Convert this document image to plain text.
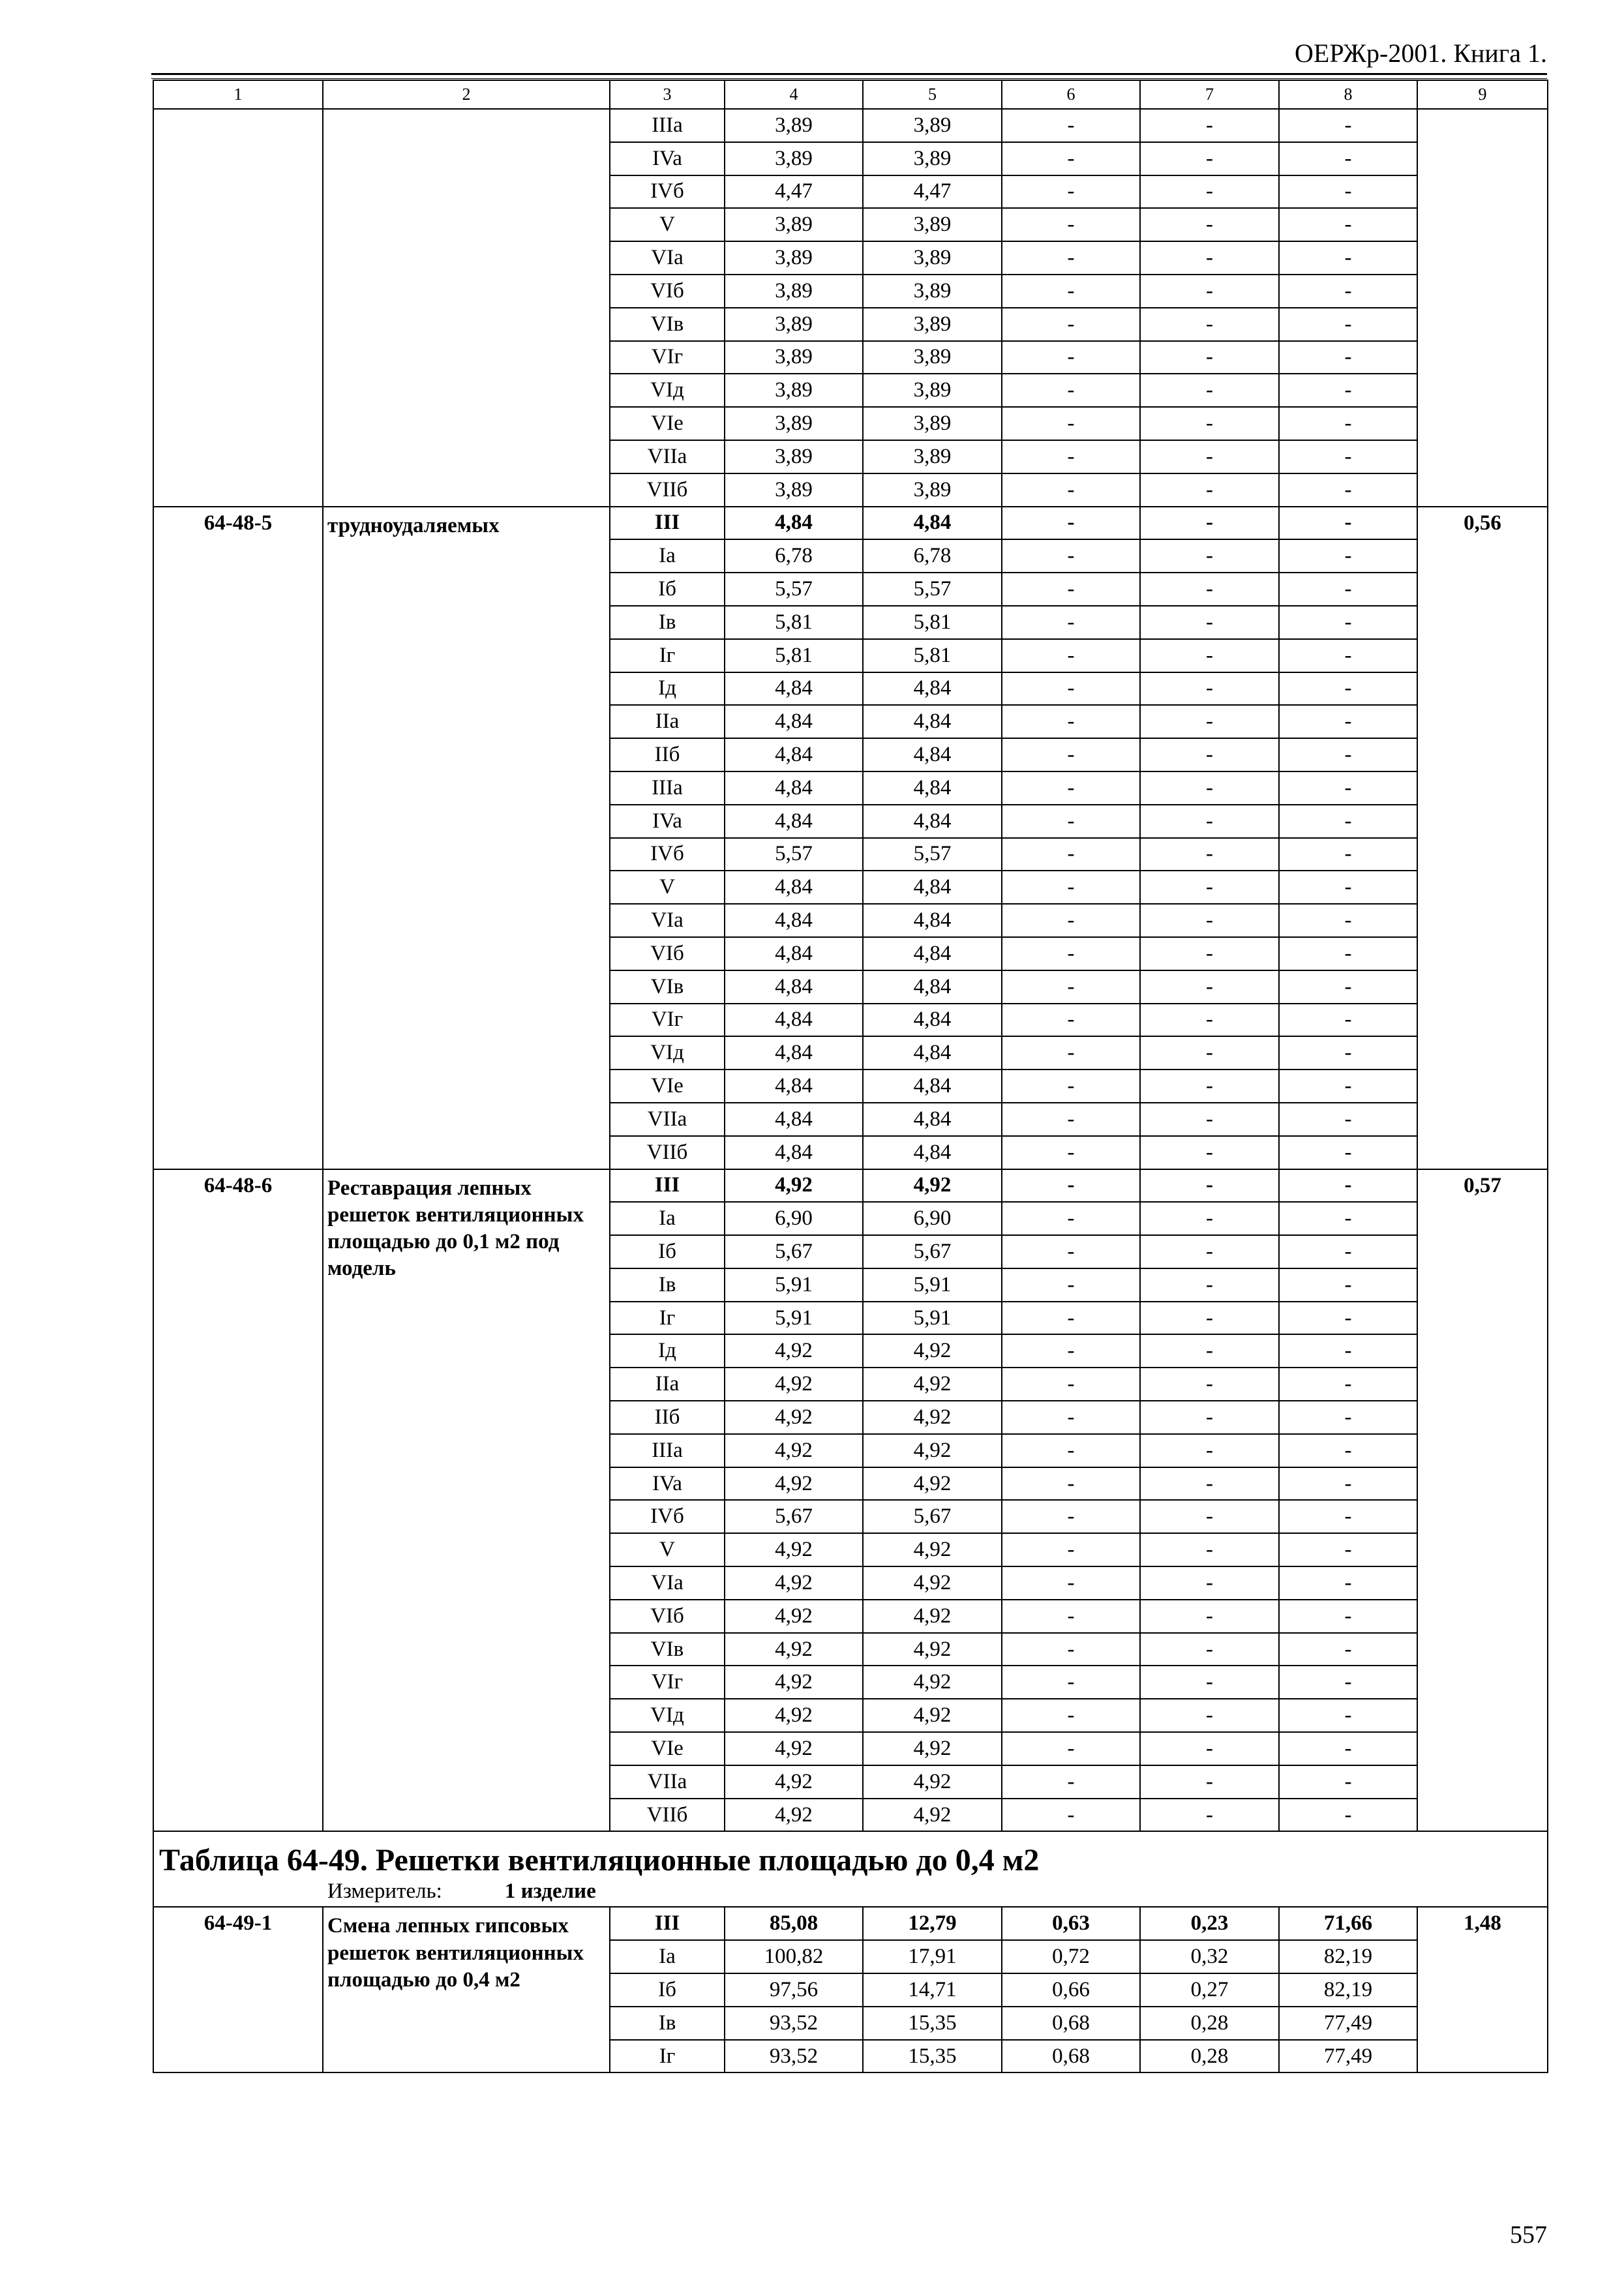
ОЕРЖр-2001. Книга 1.
1	2	3	4	5	6	7	8	9
		IIIa	3,89	3,89	-	-	-	
		IVa	3,89	3,89	-	-	-	
		IVб	4,47	4,47	-	-	-	
		V	3,89	3,89	-	-	-	
		VIa	3,89	3,89	-	-	-	
		VIб	3,89	3,89	-	-	-	
		VIв	3,89	3,89	-	-	-	
		VIг	3,89	3,89	-	-	-	
		VIд	3,89	3,89	-	-	-	
		VIe	3,89	3,89	-	-	-	
		VIIa	3,89	3,89	-	-	-	
		VIIб	3,89	3,89	-	-	-	
64-48-5	трудноудаляемых	III	4,84	4,84	-	-	-	0,56
		Ia	6,78	6,78	-	-	-	
		Iб	5,57	5,57	-	-	-	
		Iв	5,81	5,81	-	-	-	
		Iг	5,81	5,81	-	-	-	
		Iд	4,84	4,84	-	-	-	
		IIa	4,84	4,84	-	-	-	
		IIб	4,84	4,84	-	-	-	
		IIIa	4,84	4,84	-	-	-	
		IVa	4,84	4,84	-	-	-	
		IVб	5,57	5,57	-	-	-	
		V	4,84	4,84	-	-	-	
		VIa	4,84	4,84	-	-	-	
		VIб	4,84	4,84	-	-	-	
		VIв	4,84	4,84	-	-	-	
		VIг	4,84	4,84	-	-	-	
		VIд	4,84	4,84	-	-	-	
		VIe	4,84	4,84	-	-	-	
		VIIa	4,84	4,84	-	-	-	
		VIIб	4,84	4,84	-	-	-	
64-48-6	Реставрация лепных решеток вентиляционных площадью до 0,1 м2 под модель	III	4,92	4,92	-	-	-	0,57
		Ia	6,90	6,90	-	-	-	
		Iб	5,67	5,67	-	-	-	
		Iв	5,91	5,91	-	-	-	
		Iг	5,91	5,91	-	-	-	
		Iд	4,92	4,92	-	-	-	
		IIa	4,92	4,92	-	-	-	
		IIб	4,92	4,92	-	-	-	
		IIIa	4,92	4,92	-	-	-	
		IVa	4,92	4,92	-	-	-	
		IVб	5,67	5,67	-	-	-	
		V	4,92	4,92	-	-	-	
		VIa	4,92	4,92	-	-	-	
		VIб	4,92	4,92	-	-	-	
		VIв	4,92	4,92	-	-	-	
		VIг	4,92	4,92	-	-	-	
		VIд	4,92	4,92	-	-	-	
		VIe	4,92	4,92	-	-	-	
		VIIa	4,92	4,92	-	-	-	
		VIIб	4,92	4,92	-	-	-	
Таблица 64-49. Решетки вентиляционные площадью до 0,4 м2								
Измеритель: 1 изделие								
64-49-1	Смена лепных гипсовых решеток вентиляционных площадью до 0,4 м2	III	85,08	12,79	0,63	0,23	71,66	1,48
		Ia	100,82	17,91	0,72	0,32	82,19	
		Iб	97,56	14,71	0,66	0,27	82,19	
		Iв	93,52	15,35	0,68	0,28	77,49	
		Iг	93,52	15,35	0,68	0,28	77,49	
557
